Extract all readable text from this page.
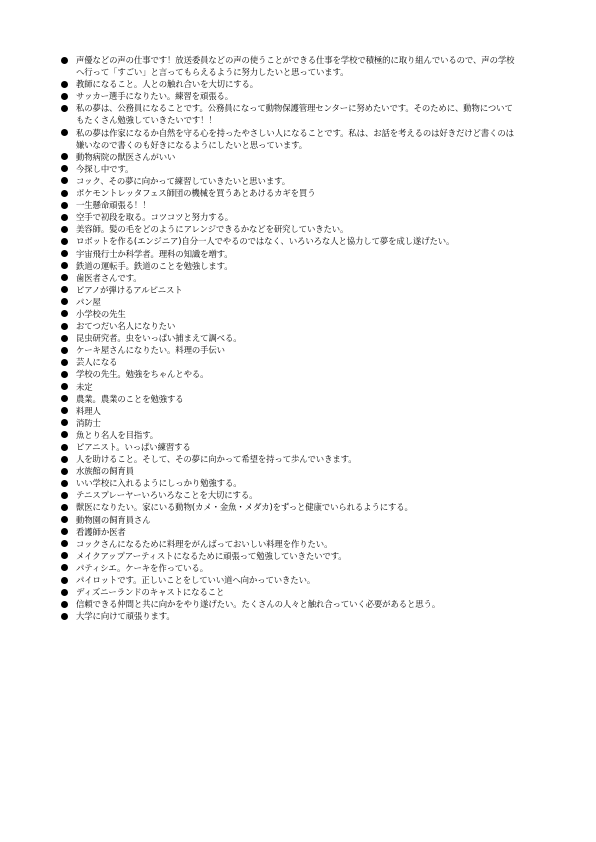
声優などの声の仕事です！放送委員などの声の使うことができる仕事を学校で積極的に取り組んでいるので、声の学校へ行って「すごい」と言ってもらえるように努力したいと思っています。
教師になること。人との触れ合いを大切にする。
サッカー選手になりたい。練習を頑張る。
私の夢は、公務員になることです。公務員になって動物保護管理センターに努めたいです。そのために、動物についてもたくさん勉強していきたいです！！
私の夢は作家になるか自然を守る心を持ったやさしい人になることです。私は、お話を考えるのは好きだけど書くのは嫌いなので書くのも好きになるようにしたいと思っています。
動物病院の獣医さんがいい
今探し中です。
コック、その夢に向かって練習していきたいと思います。
ポケモントレッタフェス師団の機械を買うあとあけるカギを買う
一生懸命頑張る！！
空手で初段を取る。コツコツと努力する。
美容師。髪の毛をどのようにアレンジできるかなどを研究していきたい。
ロボットを作る(エンジニア)自分一人でやるのではなく、いろいろな人と協力して夢を成し遂げたい。
宇宙飛行士か科学者。理科の知識を増す。
鉄道の運転手。鉄道のことを勉強します。
歯医者さんです。
ピアノが弾けるアルピニスト
パン屋
小学校の先生
おてつだい名人になりたい
昆虫研究者。虫をいっぱい捕まえて調べる。
ケーキ屋さんになりたい。料理の手伝い
芸人になる
学校の先生。勉強をちゃんとやる。
未定
農業。農業のことを勉強する
料理人
消防士
魚とり名人を目指す。
ピアニスト。いっぱい練習する
人を助けること。そして、その夢に向かって希望を持って歩んでいきます。
水族館の飼育員
いい学校に入れるようにしっかり勉強する。
テニスプレーヤーいろいろなことを大切にする。
獣医になりたい。家にいる動物(カメ・金魚・メダカ)をずっと健康でいられるようにする。
動物園の飼育員さん
看護師か医者
コックさんになるために料理をがんばっておいしい料理を作りたい。
メイクアップアーティストになるために頑張って勉強していきたいです。
パティシエ。ケーキを作っている。
パイロットです。正しいことをしていい道へ向かっていきたい。
ディズニーランドのキャストになること
信頼できる仲間と共に向かをやり遂げたい。たくさんの人々と触れ合っていく必要があると思う。
大学に向けて頑張ります。
